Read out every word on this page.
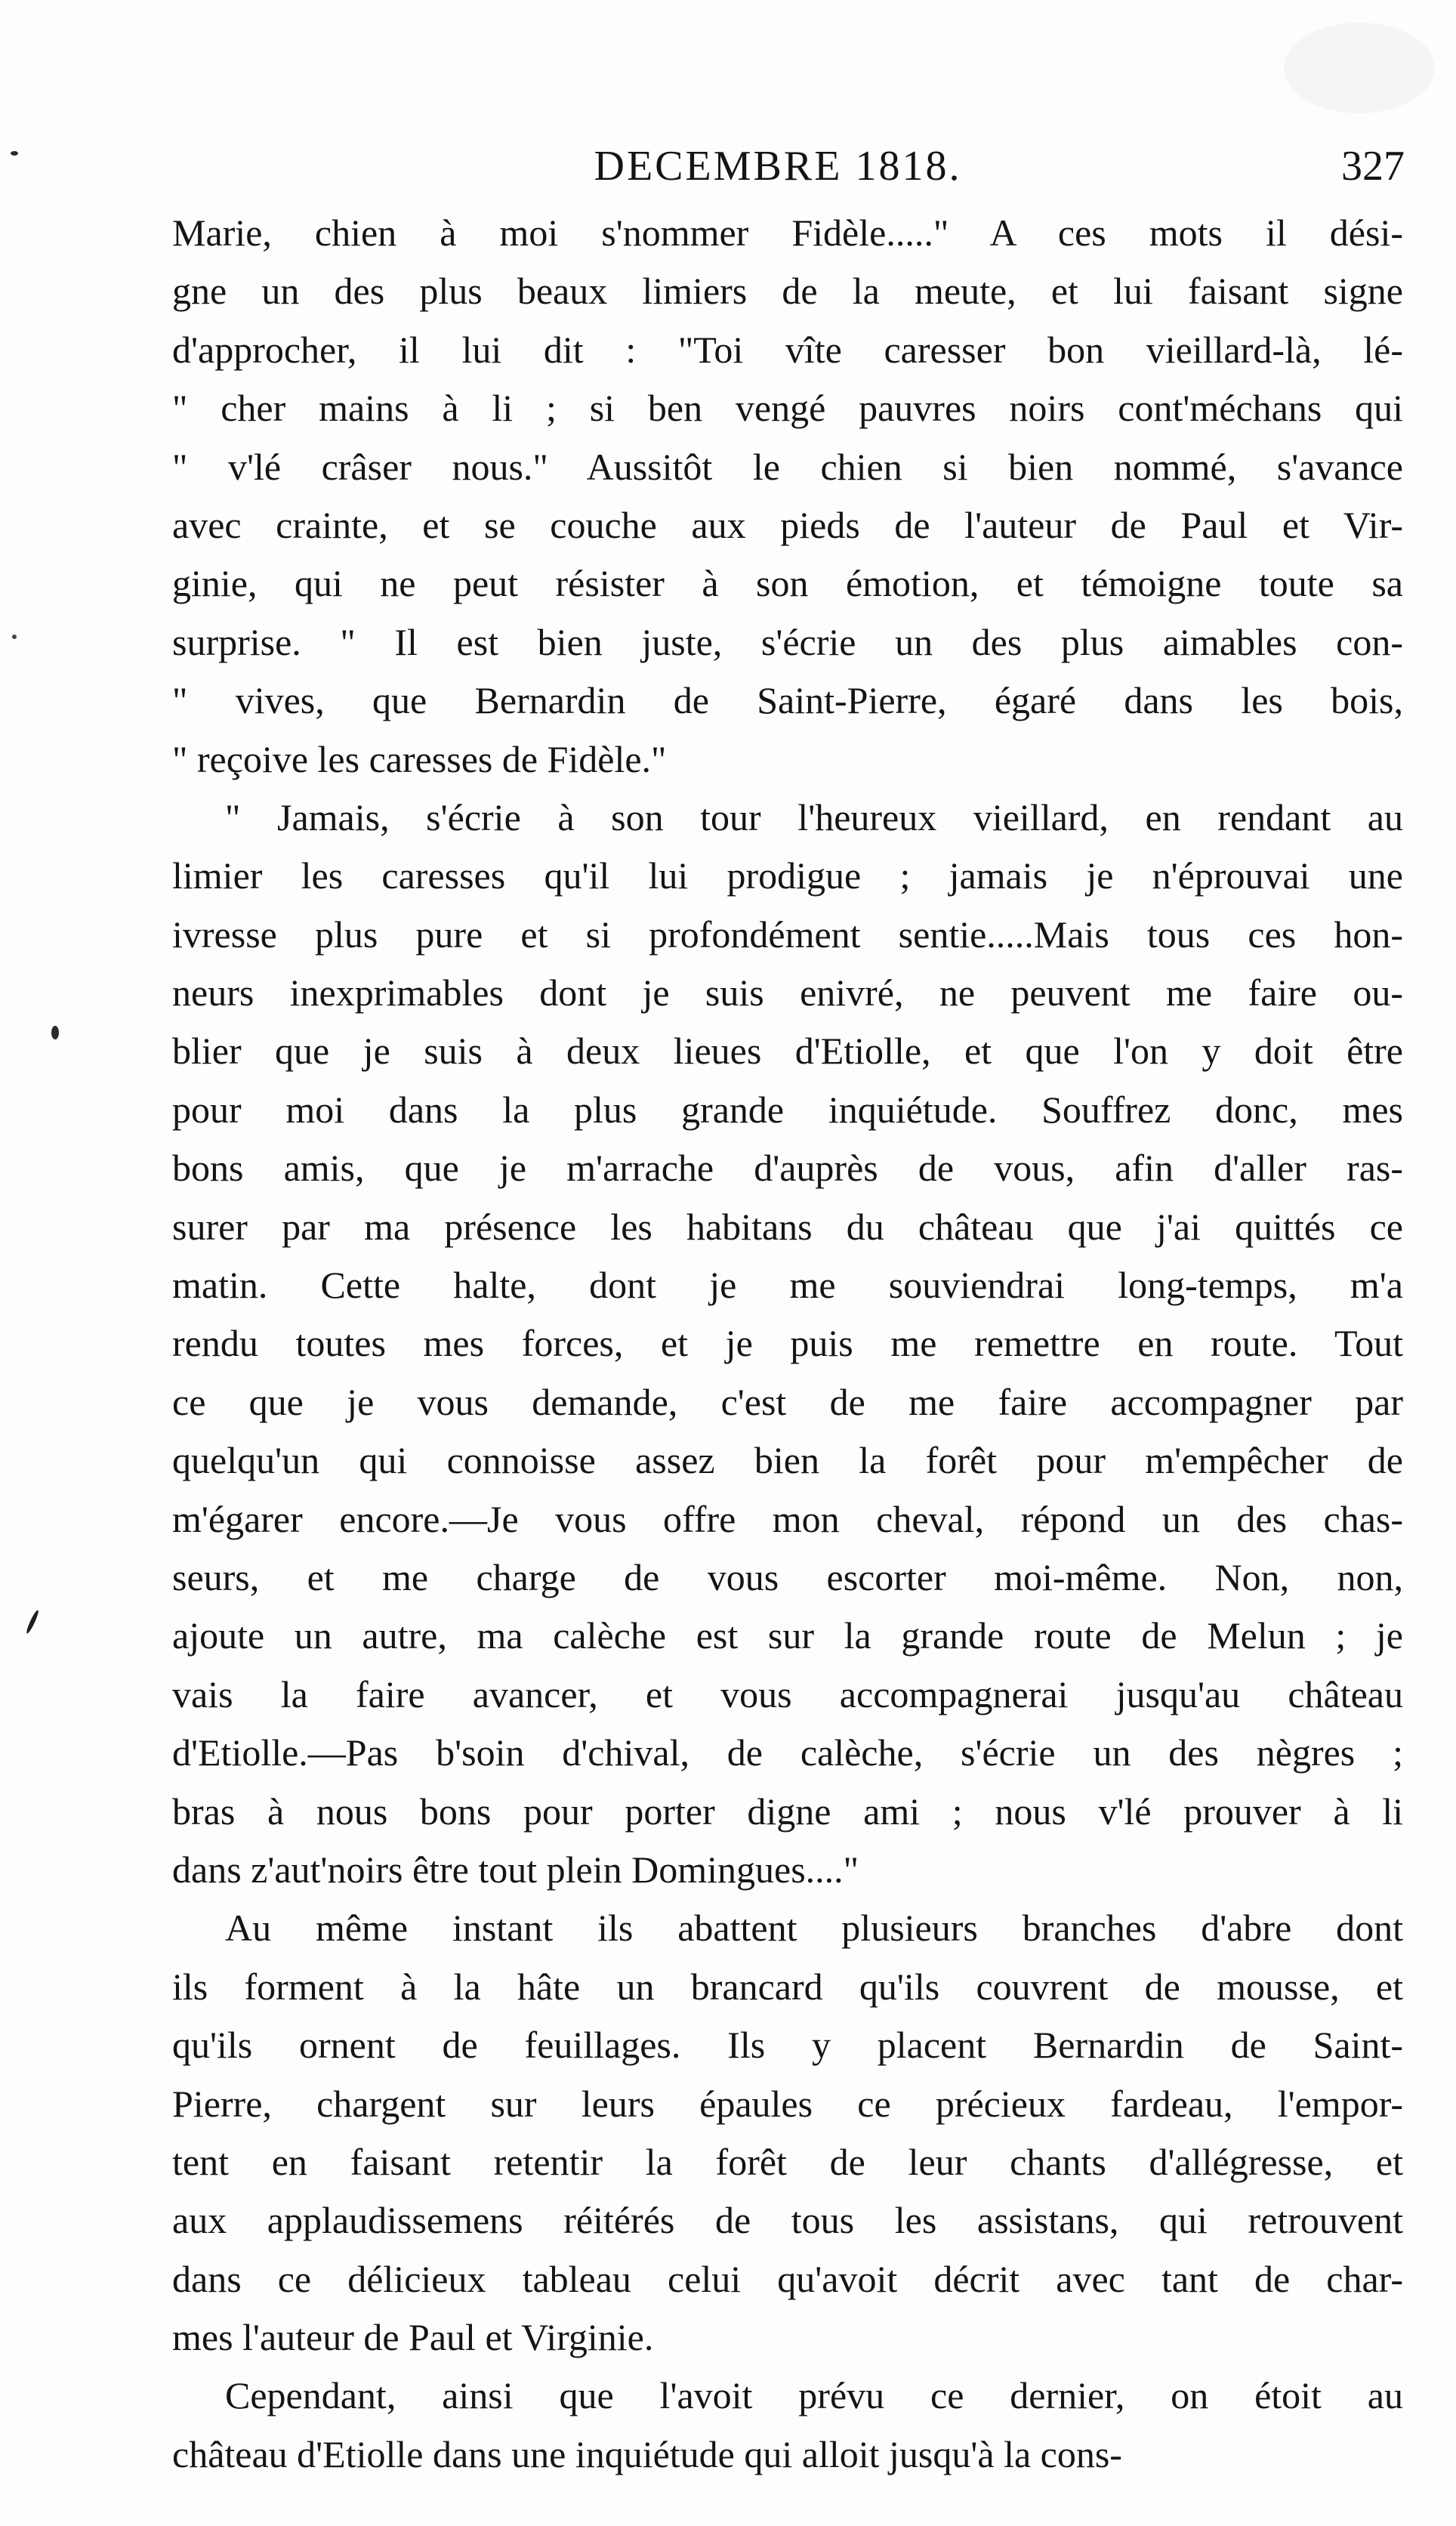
DECEMBRE 1818.	327
Marie, chien à moi s'nommer Fidèle....." A ces mots il dési-
gne un des plus beaux limiers de la meute, et lui faisant signe
d'approcher, il lui dit : "Toi vîte caresser bon vieillard-là, lé-
" cher mains à li ; si ben vengé pauvres noirs cont'méchans qui
" v'lé crâser nous." Aussitôt le chien si bien nommé, s'avance
avec crainte, et se couche aux pieds de l'auteur de Paul et Vir-
ginie, qui ne peut résister à son émotion, et témoigne toute sa
surprise. " Il est bien juste, s'écrie un des plus aimables con-
" vives, que Bernardin de Saint-Pierre, égaré dans les bois,
" reçoive les caresses de Fidèle."
" Jamais, s'écrie à son tour l'heureux vieillard, en rendant au
limier les caresses qu'il lui prodigue ; jamais je n'éprouvai une
ivresse plus pure et si profondément sentie.....Mais tous ces hon-
neurs inexprimables dont je suis enivré, ne peuvent me faire ou-
blier que je suis à deux lieues d'Etiolle, et que l'on y doit être
pour moi dans la plus grande inquiétude. Souffrez donc, mes
bons amis, que je m'arrache d'auprès de vous, afin d'aller ras-
surer par ma présence les habitans du château que j'ai quittés ce
matin. Cette halte, dont je me souviendrai long-temps, m'a
rendu toutes mes forces, et je puis me remettre en route. Tout
ce que je vous demande, c'est de me faire accompagner par
quelqu'un qui connoisse assez bien la forêt pour m'empêcher de
m'égarer encore.—Je vous offre mon cheval, répond un des chas-
seurs, et me charge de vous escorter moi-même. Non, non,
ajoute un autre, ma calèche est sur la grande route de Melun ; je
vais la faire avancer, et vous accompagnerai jusqu'au château
d'Etiolle.—Pas b'soin d'chival, de calèche, s'écrie un des nègres ;
bras à nous bons pour porter digne ami ; nous v'lé prouver à li
dans z'aut'noirs être tout plein Domingues...."
Au même instant ils abattent plusieurs branches d'abre dont
ils forment à la hâte un brancard qu'ils couvrent de mousse, et
qu'ils ornent de feuillages. Ils y placent Bernardin de Saint-
Pierre, chargent sur leurs épaules ce précieux fardeau, l'empor-
tent en faisant retentir la forêt de leur chants d'allégresse, et
aux applaudissemens réitérés de tous les assistans, qui retrouvent
dans ce délicieux tableau celui qu'avoit décrit avec tant de char-
mes l'auteur de Paul et Virginie.
Cependant, ainsi que l'avoit prévu ce dernier, on étoit au
château d'Etiolle dans une inquiétude qui alloit jusqu'à la cons-
